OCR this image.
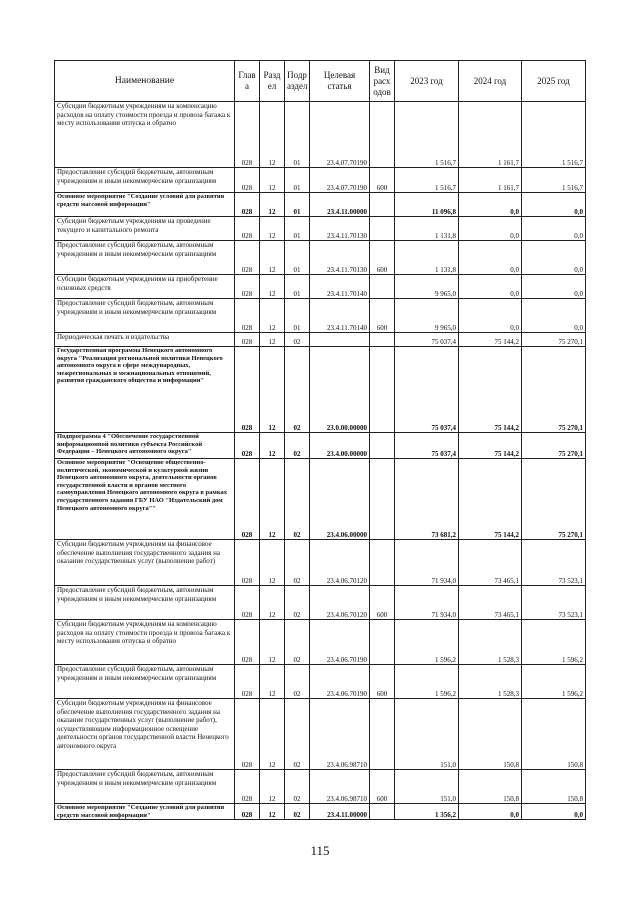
Наименование	Глав а	Разд ел	Подр аздел	Целевая статья	Вид расх одов	2023 год	2024 год	2025 год
Субсидии бюджетным учреждениям на компенсацию расходов на оплату стоимости проезда и провоза багажа к месту использования отпуска и обратно	028	12	01	23.4.07.70190		1 516,7	1 161,7	1 516,7
Предоставление субсидий бюджетным, автономным учреждениям и иным некоммерческим организациям	028	12	01	23.4.07.70190	600	1 516,7	1 161,7	1 516,7
Основное мероприятие "Создание условий для развития средств массовой информации"	028	12	01	23.4.11.00000		11 096,8	0,0	0,0
Субсидии бюджетным учреждениям на проведение текущего и капитального ремонта	028	12	01	23.4.11.70130		1 131,8	0,0	0,0
Предоставление субсидий бюджетным, автономным учреждениям и иным некоммерческим организациям	028	12	01	23.4.11.70130	600	1 131,8	0,0	0,0
Субсидии бюджетным учреждениям на приобретение основных средств	028	12	01	23.4.11.70140		9 965,0	0,0	0,0
Предоставление субсидий бюджетным, автономным учреждениям и иным некоммерческим организациям	028	12	01	23.4.11.70140	600	9 965,0	0,0	0,0
Периодическая печать и издательства	028	12	02			75 037,4	75 144,2	75 270,1
Государственная программа Ненецкого автономного округа "Реализация региональной политики Ненецкого автономного округа в сфере международных, межрегиональных и межнациональных отношений, развития гражданского общества и информации"	028	12	02	23.0.00.00000		75 037,4	75 144,2	75 270,1
Подпрограмма 4 "Обеспечение государственной информационной политики субъекта Российской Федерации – Ненецкого автономного округа"	028	12	02	23.4.00.00000		75 037,4	75 144,2	75 270,1
Основное мероприятие "Освещение общественно-политической, экономической и культурной жизни Ненецкого автономного округа, деятельности органов государственной власти и органов местного самоуправления Ненецкого автономного округа в рамках государственного задания ГБУ НАО "Издательский дом Ненецкого автономного округа""	028	12	02	23.4.06.00000		73 681,2	75 144,2	75 270,1
Субсидии бюджетным учреждениям на финансовое обеспечение выполнения государственного задания на оказание государственных услуг (выполнение работ)	028	12	02	23.4.06.70120		71 934,0	73 465,1	73 523,1
Предоставление субсидий бюджетным, автономным учреждениям и иным некоммерческим организациям	028	12	02	23.4.06.70120	600	71 934,0	73 465,1	73 523,1
Субсидии бюджетным учреждениям на компенсацию расходов на оплату стоимости проезда и провоза багажа к месту использования отпуска и обратно	028	12	02	23.4.06.70190		1 596,2	1 528,3	1 596,2
Предоставление субсидий бюджетным, автономным учреждениям и иным некоммерческим организациям	028	12	02	23.4.06.70190	600	1 596,2	1 528,3	1 596,2
Субсидии бюджетным учреждениям на финансовое обеспечение выполнения государственного задания на оказание государственных услуг (выполнение работ), осуществляющим информационное освещение деятельности органов государственной власти Ненецкого автономного округа	028	12	02	23.4.06.98710		151,0	150,8	150,8
Предоставление субсидий бюджетным, автономным учреждениям и иным некоммерческим организациям	028	12	02	23.4.06.98710	600	151,0	150,8	150,8
Основное мероприятие "Создание условий для развития средств массовой информации"	028	12	02	23.4.11.00000		1 356,2	0,0	0,0
115
